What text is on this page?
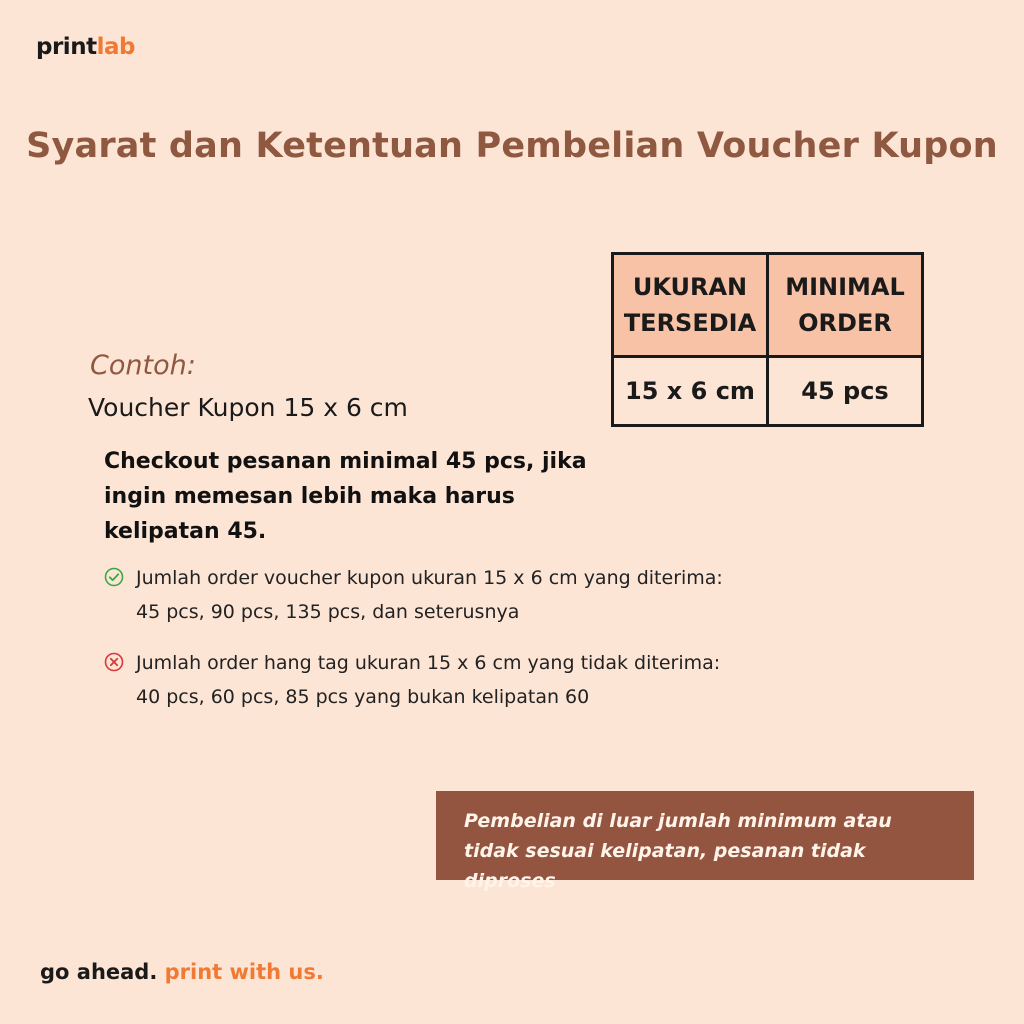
printlab
Syarat dan Ketentuan Pembelian Voucher Kupon
UKURAN TERSEDIA	MINIMAL ORDER
15 x 6 cm	45 pcs
Contoh:
Voucher Kupon 15 x 6 cm
Checkout pesanan minimal 45 pcs, jika ingin memesan lebih maka harus kelipatan 45.
Jumlah order voucher kupon ukuran 15 x 6 cm yang diterima:
45 pcs, 90 pcs, 135 pcs, dan seterusnya
Jumlah order hang tag ukuran 15 x 6 cm yang tidak diterima:
40 pcs, 60 pcs, 85 pcs yang bukan kelipatan 60
Pembelian di luar jumlah minimum atau tidak sesuai kelipatan, pesanan tidak diproses
go ahead. print with us.
